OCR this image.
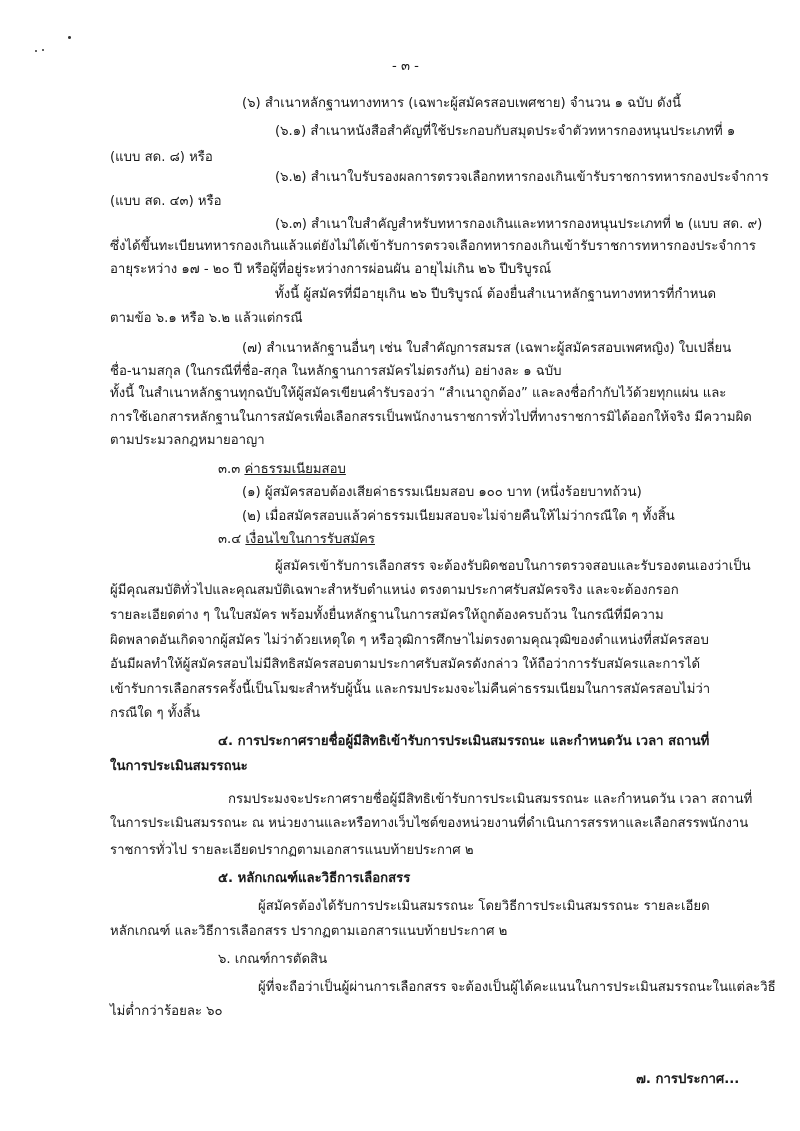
- ๓ -
(๖) สำเนาหลักฐานทางทหาร (เฉพาะผู้สมัครสอบเพศชาย) จำนวน ๑ ฉบับ ดังนี้
(๖.๑) สำเนาหนังสือสำคัญที่ใช้ประกอบกับสมุดประจำตัวทหารกองหนุนประเภทที่ ๑
(แบบ สด. ๘) หรือ
(๖.๒) สำเนาใบรับรองผลการตรวจเลือกทหารกองเกินเข้ารับราชการทหารกองประจำการ
(แบบ สด. ๔๓) หรือ
(๖.๓) สำเนาใบสำคัญสำหรับทหารกองเกินและทหารกองหนุนประเภทที่ ๒ (แบบ สด. ๙)
ซึ่งได้ขึ้นทะเบียนทหารกองเกินแล้วแต่ยังไม่ได้เข้ารับการตรวจเลือกทหารกองเกินเข้ารับราชการทหารกองประจำการ
อายุระหว่าง ๑๗ - ๒๐ ปี หรือผู้ที่อยู่ระหว่างการผ่อนผัน อายุไม่เกิน ๒๖ ปีบริบูรณ์
ทั้งนี้ ผู้สมัครที่มีอายุเกิน ๒๖ ปีบริบูรณ์ ต้องยื่นสำเนาหลักฐานทางทหารที่กำหนด
ตามข้อ ๖.๑ หรือ ๖.๒ แล้วแต่กรณี
(๗) สำเนาหลักฐานอื่นๆ เช่น ใบสำคัญการสมรส (เฉพาะผู้สมัครสอบเพศหญิง) ใบเปลี่ยน
ชื่อ-นามสกุล (ในกรณีที่ชื่อ-สกุล ในหลักฐานการสมัครไม่ตรงกัน) อย่างละ ๑ ฉบับ
ทั้งนี้ ในสำเนาหลักฐานทุกฉบับให้ผู้สมัครเขียนคำรับรองว่า “สำเนาถูกต้อง” และลงชื่อกำกับไว้ด้วยทุกแผ่น และ
การใช้เอกสารหลักฐานในการสมัครเพื่อเลือกสรรเป็นพนักงานราชการทั่วไปที่ทางราชการมิได้ออกให้จริง มีความผิด
ตามประมวลกฎหมายอาญา
๓.๓ ค่าธรรมเนียมสอบ
(๑) ผู้สมัครสอบต้องเสียค่าธรรมเนียมสอบ ๑๐๐ บาท (หนึ่งร้อยบาทถ้วน)
(๒) เมื่อสมัครสอบแล้วค่าธรรมเนียมสอบจะไม่จ่ายคืนให้ไม่ว่ากรณีใด ๆ ทั้งสิ้น
๓.๔ เงื่อนไขในการรับสมัคร
ผู้สมัครเข้ารับการเลือกสรร จะต้องรับผิดชอบในการตรวจสอบและรับรองตนเองว่าเป็น
ผู้มีคุณสมบัติทั่วไปและคุณสมบัติเฉพาะสำหรับตำแหน่ง ตรงตามประกาศรับสมัครจริง และจะต้องกรอก
รายละเอียดต่าง ๆ ในใบสมัคร พร้อมทั้งยื่นหลักฐานในการสมัครให้ถูกต้องครบถ้วน ในกรณีที่มีความ
ผิดพลาดอันเกิดจากผู้สมัคร ไม่ว่าด้วยเหตุใด ๆ หรือวุฒิการศึกษาไม่ตรงตามคุณวุฒิของตำแหน่งที่สมัครสอบ
อันมีผลทำให้ผู้สมัครสอบไม่มีสิทธิสมัครสอบตามประกาศรับสมัครดังกล่าว ให้ถือว่าการรับสมัครและการได้
เข้ารับการเลือกสรรครั้งนี้เป็นโมฆะสำหรับผู้นั้น และกรมประมงจะไม่คืนค่าธรรมเนียมในการสมัครสอบไม่ว่า
กรณีใด ๆ ทั้งสิ้น
๔. การประกาศรายชื่อผู้มีสิทธิเข้ารับการประเมินสมรรถนะ และกำหนดวัน เวลา สถานที่
ในการประเมินสมรรถนะ
กรมประมงจะประกาศรายชื่อผู้มีสิทธิเข้ารับการประเมินสมรรถนะ และกำหนดวัน เวลา สถานที่
ในการประเมินสมรรถนะ ณ หน่วยงานและหรือทางเว็บไซต์ของหน่วยงานที่ดำเนินการสรรหาและเลือกสรรพนักงาน
ราชการทั่วไป รายละเอียดปรากฏตามเอกสารแนบท้ายประกาศ ๒
๕. หลักเกณฑ์และวิธีการเลือกสรร
ผู้สมัครต้องได้รับการประเมินสมรรถนะ โดยวิธีการประเมินสมรรถนะ รายละเอียด
หลักเกณฑ์ และวิธีการเลือกสรร ปรากฏตามเอกสารแนบท้ายประกาศ ๒
๖. เกณฑ์การตัดสิน
ผู้ที่จะถือว่าเป็นผู้ผ่านการเลือกสรร จะต้องเป็นผู้ได้คะแนนในการประเมินสมรรถนะในแต่ละวิธี
ไม่ต่ำกว่าร้อยละ ๖๐
๗. การประกาศ...
